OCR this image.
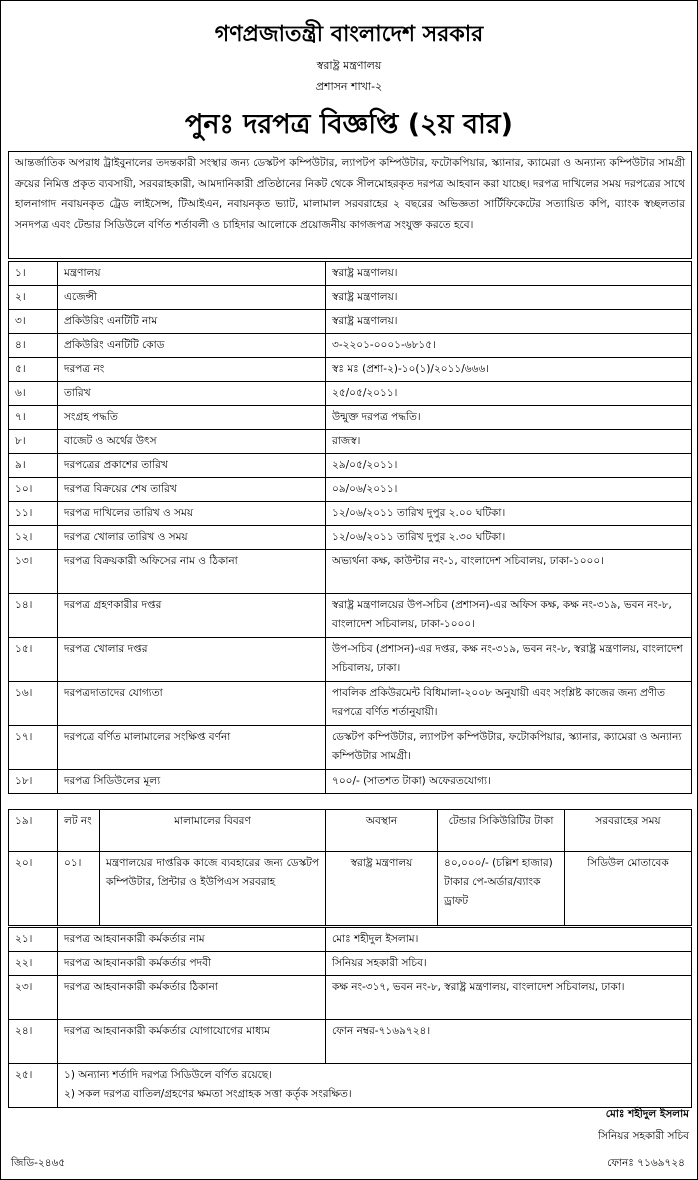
গণপ্রজাতন্ত্রী বাংলাদেশ সরকার
স্বরাষ্ট্র মন্ত্রণালয়
প্রশাসন শাখা-২
পুনঃ দরপত্র বিজ্ঞপ্তি (২য় বার)
আন্তর্জাতিক অপরাধ ট্রাইবুনালের তদন্তকারী সংস্থার জন্য ডেস্কটপ কম্পিউটার, ল্যাপটপ কম্পিউটার, ফটোকপিয়ার, স্ক্যানার, ক্যামেরা ও অন্যান্য কম্পিউটার সামগ্রী ক্রয়ের নিমিত্ত প্রকৃত ব্যবসায়ী, সরবরাহকারী, আমদানিকারী প্রতিষ্ঠানের নিকট থেকে সীলমোহরকৃত দরপত্র আহবান করা যাচ্ছে। দরপত্র দাখিলের সময় দরপত্রের সাথে হালনাগাদ নবায়নকৃত ট্রেড লাইসেন্স, টিআইএন, নবায়নকৃত ভ্যাট, মালামাল সরবরাহের ২ বছরের অভিজ্ঞতা সার্টিফিকেটের সত্যায়িত কপি, ব্যাংক স্বচ্ছলতার সনদপত্র এবং টেন্ডার সিডিউলে বর্ণিত শর্তাবলী ও চাহিদার আলোকে প্রয়োজনীয় কাগজপত্র সংযুক্ত করতে হবে।
১।	মন্ত্রণালয়	স্বরাষ্ট্র মন্ত্রণালয়।
২।	এজেন্সী	স্বরাষ্ট্র মন্ত্রণালয়।
৩।	প্রকিউরিং এনটিটি নাম	স্বরাষ্ট্র মন্ত্রণালয়।
৪।	প্রকিউরিং এনটিটি কোড	৩-২২০১-০০০১-৬৮১৫।
৫।	দরপত্র নং	স্বঃ মঃ (প্রশা-২)-১০(১)/২০১১/৬৬৬।
৬।	তারিখ	২৫/০৫/২০১১।
৭।	সংগ্রহ পদ্ধতি	উন্মুক্ত দরপত্র পদ্ধতি।
৮।	বাজেট ও অর্থের উৎস	রাজস্ব।
৯।	দরপত্রের প্রকাশের তারিখ	২৯/০৫/২০১১।
১০।	দরপত্র বিক্রয়ের শেষ তারিখ	০৯/০৬/২০১১।
১১।	দরপত্র দাখিলের তারিখ ও সময়	১২/০৬/২০১১ তারিখ দুপুর ২.০০ ঘটিকা।
১২।	দরপত্র খোলার তারিখ ও সময়	১২/০৬/২০১১ তারিখ দুপুর ২.৩০ ঘটিকা।
১৩।	দরপত্র বিক্রয়কারী অফিসের নাম ও ঠিকানা	অভ্যর্থনা কক্ষ, কাউন্টার নং-১, বাংলাদেশ সচিবালয়, ঢাকা-১০০০।
১৪।	দরপত্র গ্রহণকারীর দপ্তর	স্বরাষ্ট্র মন্ত্রণালয়ের উপ-সচিব (প্রশাসন)-এর অফিস কক্ষ, কক্ষ নং-৩১৯, ভবন নং-৮, বাংলাদেশ সচিবালয়, ঢাকা-১০০০।
১৫।	দরপত্র খোলার দপ্তর	উপ-সচিব (প্রশাসন)-এর দপ্তর, কক্ষ নং-৩১৯, ভবন নং-৮, স্বরাষ্ট্র মন্ত্রণালয়, বাংলাদেশ সচিবালয়, ঢাকা।
১৬।	দরপত্রদাতাদের যোগ্যতা	পাবলিক প্রকিউরমেন্ট বিধিমালা-২০০৮ অনুযায়ী এবং সংশ্লিষ্ট কাজের জন্য প্রণীত দরপত্রে বর্ণিত শর্তানুযায়ী।
১৭।	দরপত্রে বর্ণিত মালামালের সংক্ষিপ্ত বর্ণনা	ডেস্কটপ কম্পিউটার, ল্যাপটপ কম্পিউটার, ফটোকপিয়ার, স্ক্যানার, ক্যামেরা ও অন্যান্য কম্পিউটার সামগ্রী।
১৮।	দরপত্র সিডিউলের মূল্য	৭০০/- (সাতশত টাকা) অফেরতযোগ্য।
১৯।	লট নং	মালামালের বিবরণ	অবস্থান	টেন্ডার সিকিউরিটির টাকা	সরবরাহের সময়
২০।	০১।	মন্ত্রণালয়ের দাপ্তরিক কাজে ব্যবহারের জন্য ডেস্কটপ কম্পিউটার, প্রিন্টার ও ইউপিএস সরবরাহ	স্বরাষ্ট্র মন্ত্রণালয়	৪০,০০০/- (চল্লিশ হাজার) টাকার পে-অর্ডার/ব্যাংক ড্রাফট	সিডিউল মোতাবেক
২১।	দরপত্র আহবানকারী কর্মকর্তার নাম	মোঃ শহীদুল ইসলাম।
২২।	দরপত্র আহবানকারী কর্মকর্তার পদবী	সিনিয়র সহকারী সচিব।
২৩।	দরপত্র আহবানকারী কর্মকর্তার ঠিকানা	কক্ষ নং-৩১৭, ভবন নং-৮, স্বরাষ্ট্র মন্ত্রণালয়, বাংলাদেশ সচিবালয়, ঢাকা।
২৪।	দরপত্র আহবানকারী কর্মকর্তার যোগাযোগের মাধ্যম	ফোন নম্বর-৭১৬৯৭২৪।
২৫।	১) অন্যান্য শর্তাদি দরপত্র সিডিউলে বর্ণিত রয়েছে।
২) সকল দরপত্র বাতিল/গ্রহণের ক্ষমতা সংগ্রাহক সত্তা কর্তৃক সংরক্ষিত।	
মোঃ শহীদুল ইসলাম
সিনিয়র সহকারী সচিব
জিডি-২৪৬৫	ফোনঃ ৭১৬৯৭২৪
